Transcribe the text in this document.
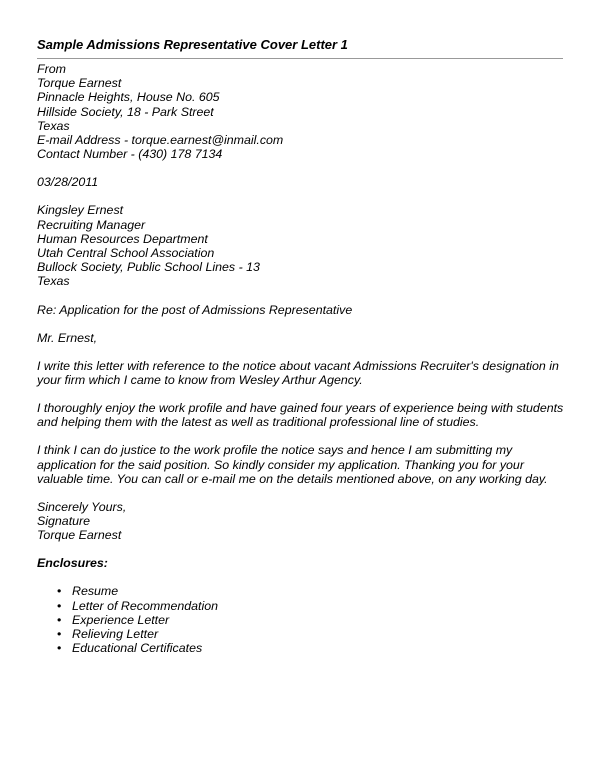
Sample Admissions Representative Cover Letter 1
From
Torque Earnest
Pinnacle Heights, House No. 605
Hillside Society, 18 - Park Street
Texas
E-mail Address - torque.earnest@inmail.com
Contact Number - (430) 178 7134
03/28/2011
Kingsley Ernest
Recruiting Manager
Human Resources Department
Utah Central School Association
Bullock Society, Public School Lines - 13
Texas
Re: Application for the post of Admissions Representative
Mr. Ernest,
I write this letter with reference to the notice about vacant Admissions Recruiter's designation in your firm which I came to know from Wesley Arthur Agency.
I thoroughly enjoy the work profile and have gained four years of experience being with students and helping them with the latest as well as traditional professional line of studies.
I think I can do justice to the work profile the notice says and hence I am submitting my application for the said position. So kindly consider my application. Thanking you for your valuable time. You can call or e-mail me on the details mentioned above, on any working day.
Sincerely Yours,
Signature
Torque Earnest
Enclosures:
• Resume
• Letter of Recommendation
• Experience Letter
• Relieving Letter
• Educational Certificates
